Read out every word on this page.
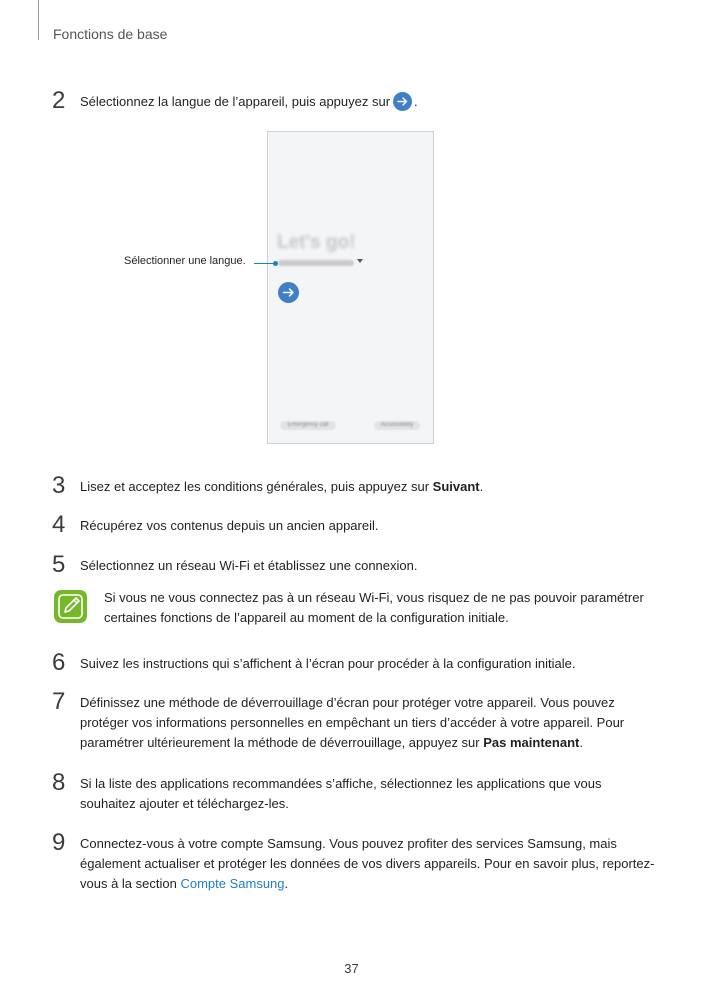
Fonctions de base
2 Sélectionnez la langue de l’appareil, puis appuyez sur .
Let's go!
Emergency call	Accessibility
Sélectionner une langue.
3 Lisez et acceptez les conditions générales, puis appuyez sur Suivant.
4 Récupérez vos contenus depuis un ancien appareil.
5 Sélectionnez un réseau Wi-Fi et établissez une connexion.
Si vous ne vous connectez pas à un réseau Wi-Fi, vous risquez de ne pas pouvoir paramétrer certaines fonctions de l’appareil au moment de la configuration initiale.
6 Suivez les instructions qui s’affichent à l’écran pour procéder à la configuration initiale.
7 Définissez une méthode de déverrouillage d’écran pour protéger votre appareil. Vous pouvez protéger vos informations personnelles en empêchant un tiers d’accéder à votre appareil. Pour paramétrer ultérieurement la méthode de déverrouillage, appuyez sur Pas maintenant.
8 Si la liste des applications recommandées s’affiche, sélectionnez les applications que vous souhaitez ajouter et téléchargez-les.
9 Connectez-vous à votre compte Samsung. Vous pouvez profiter des services Samsung, mais également actualiser et protéger les données de vos divers appareils. Pour en savoir plus, reportez-vous à la section Compte Samsung.
37
